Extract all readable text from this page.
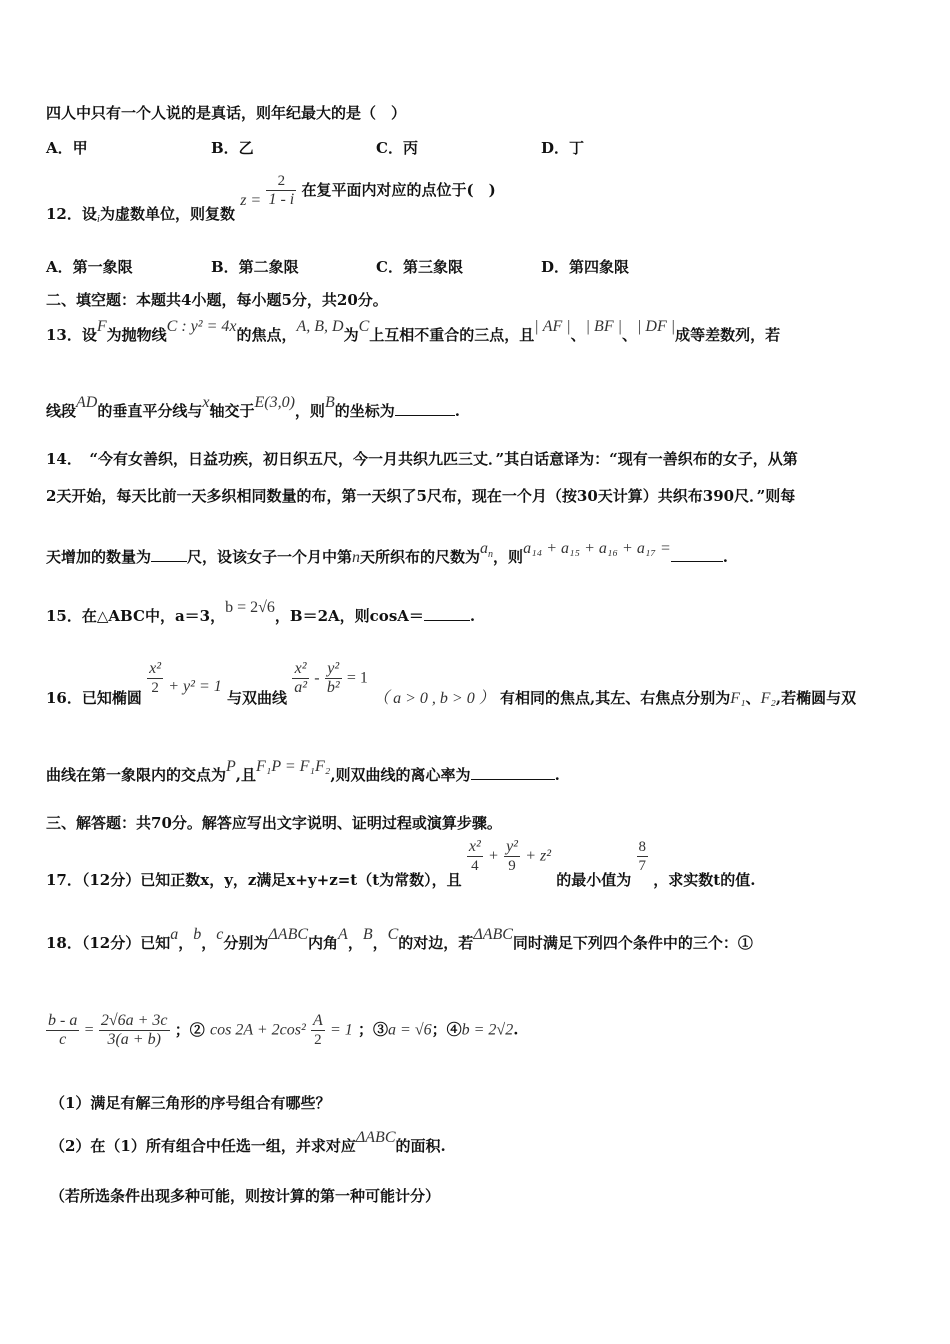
四人中只有一个人说的是真话，则年纪最大的是（　）
A．甲	B．乙	C．丙	D．丁
12．设$_i$为虚数单位，则复数 $z = \frac{2}{1 - i}$ 在复平面内对应的点位于(　)
A．第一象限	B．第二象限	C．第三象限	D．第四象限
二、填空题：本题共4小题，每小题5分，共20分。
13．设F为抛物线C : y² = 4x的焦点，A, B, D为C上互相不重合的三点，且| AF |、| BF |、| DF |成等差数列，若
线段AD的垂直平分线与x轴交于E(3,0)，则B的坐标为	.
14．　“今有女善织，日益功疾，初日织五尺，今一月共织九匹三丈．”其白话意译为：“现有一善织布的女子，从第
2天开始，每天比前一天多织相同数量的布，第一天织了5尺布，现在一个月（按30天计算）共织布390尺．”则每
天增加的数量为 尺，设该女子一个月中第n天所织布的尺数为$a_n$，则a₁₄ + a₁₅ + a₁₆ + a₁₇ =	.
15．在△ABC中，a＝3，b = 2√6，B＝2A，则cosA＝	.
16．已知椭圆
$\frac{\text{x²}}{2} + y^2 = 1$ 与双曲线
$\frac{\text{x²}}{\text{a²}} - \frac{\text{y²}}{\text{b²}} = 1$ （ a > 0 , b > 0 ） 有相同的焦点,其左、右焦点分别为F₁、F₂,若椭圆与双
曲线在第一象限内的交点为P,且F₁P = F₁F₂,则双曲线的离心率为	.
三、解答题：共70分。解答应写出文字说明、证明过程或演算步骤。
17．（12分）已知正数x，y，z满足x+y+z=t（t为常数），且
$\frac{\text{x²}}{4} + \frac{\text{y²}}{9} + z^2$ 的最小值为
$\frac{8}{7}$
，求实数t的值.
18．（12分）已知a，b，c分别为ΔABC内角A，B，C的对边，若ΔABC同时满足下列四个条件中的三个：①
$\frac{b - a}{c} = \frac{2√6a + 3c}{3(a + b)}$ ；② $\cos 2A + 2\cos^2 \frac{A}{2} = 1$ ；③a = √6；④b = 2√2.
（1）满足有解三角形的序号组合有哪些？
（2）在（1）所有组合中任选一组，并求对应ΔABC的面积.
（若所选条件出现多种可能，则按计算的第一种可能计分）
